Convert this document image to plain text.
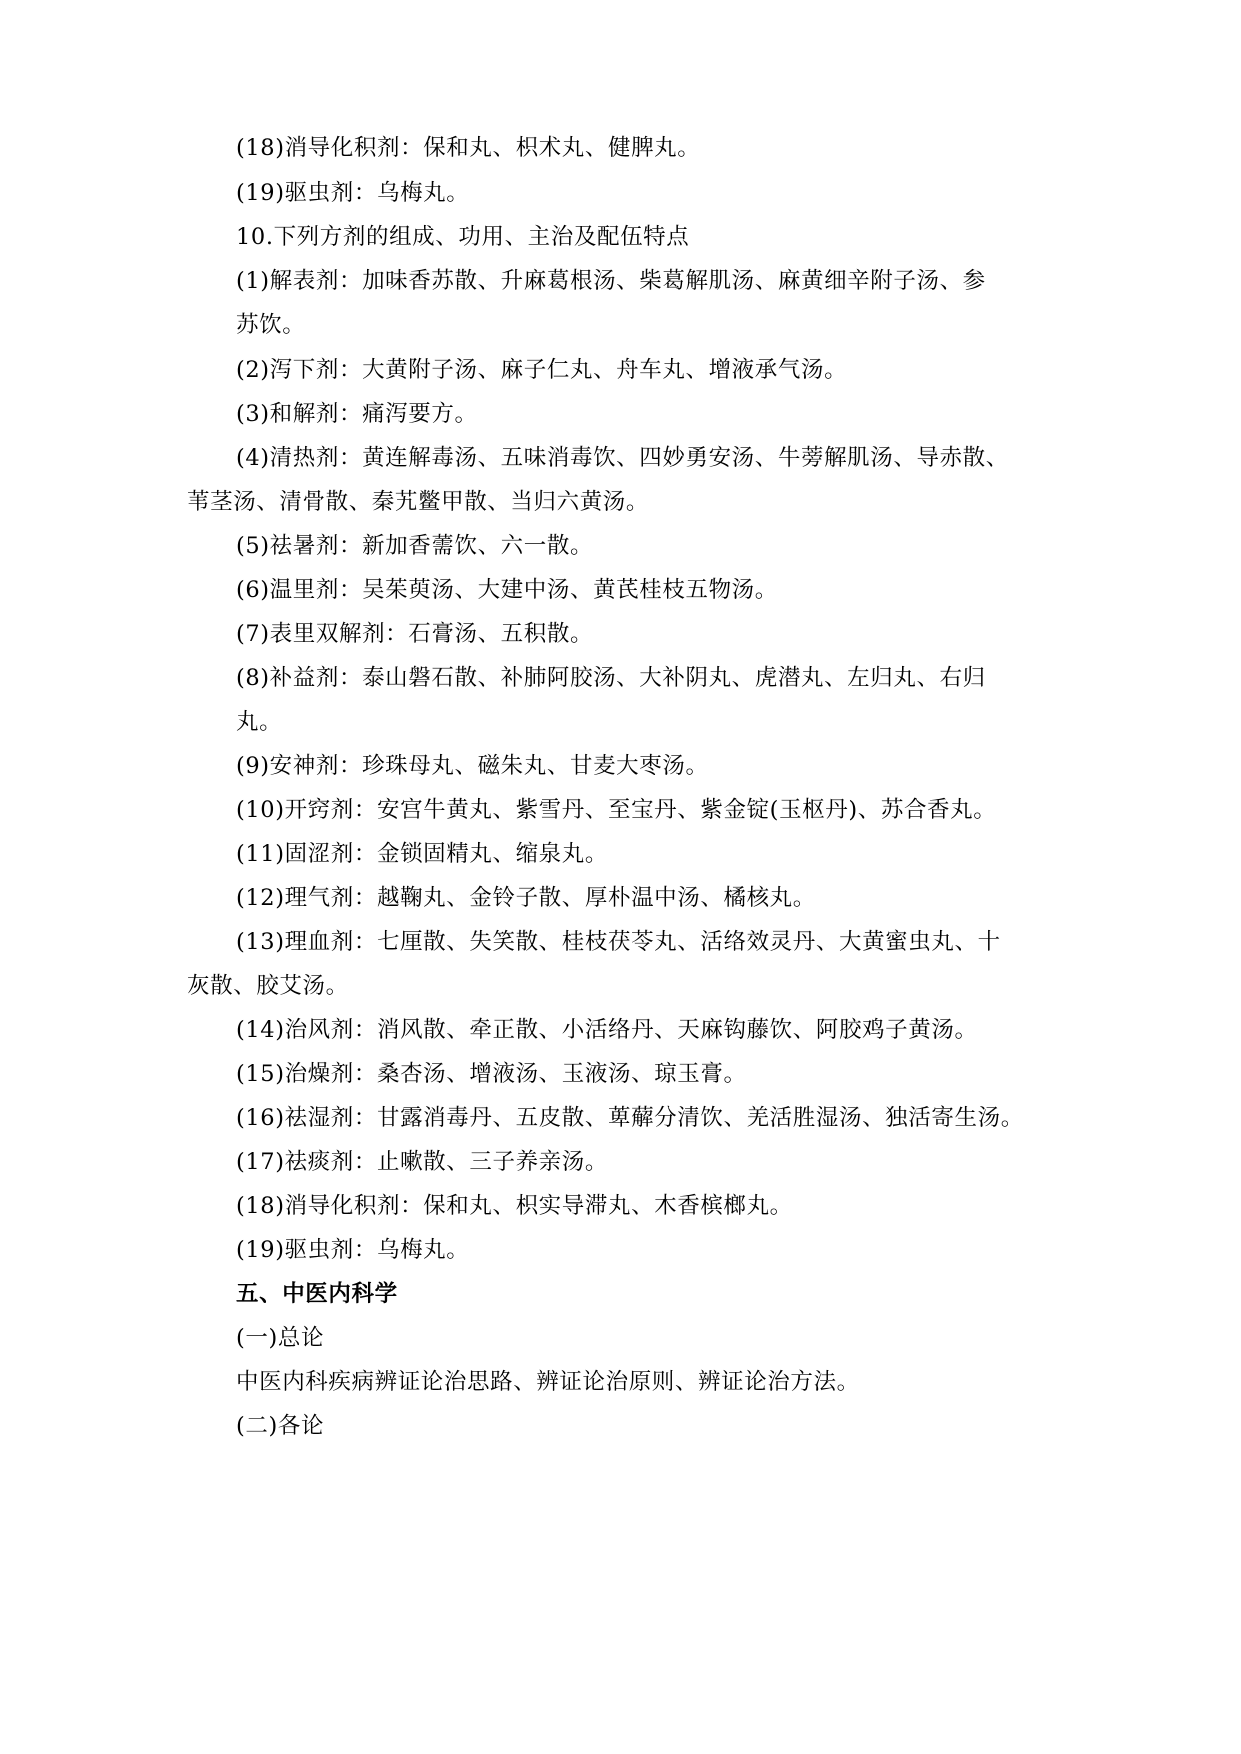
(18)消导化积剂：保和丸、枳术丸、健脾丸。
(19)驱虫剂：乌梅丸。
10.下列方剂的组成、功用、主治及配伍特点
(1)解表剂：加味香苏散、升麻葛根汤、柴葛解肌汤、麻黄细辛附子汤、参
苏饮。
(2)泻下剂：大黄附子汤、麻子仁丸、舟车丸、增液承气汤。
(3)和解剂：痛泻要方。
(4)清热剂：黄连解毒汤、五味消毒饮、四妙勇安汤、牛蒡解肌汤、导赤散、
苇茎汤、清骨散、秦艽鳖甲散、当归六黄汤。
(5)祛暑剂：新加香薷饮、六一散。
(6)温里剂：吴茱萸汤、大建中汤、黄芪桂枝五物汤。
(7)表里双解剂：石膏汤、五积散。
(8)补益剂：泰山磐石散、补肺阿胶汤、大补阴丸、虎潜丸、左归丸、右归
丸。
(9)安神剂：珍珠母丸、磁朱丸、甘麦大枣汤。
(10)开窍剂：安宫牛黄丸、紫雪丹、至宝丹、紫金锭(玉枢丹)、苏合香丸。
(11)固涩剂：金锁固精丸、缩泉丸。
(12)理气剂：越鞠丸、金铃子散、厚朴温中汤、橘核丸。
(13)理血剂：七厘散、失笑散、桂枝茯苓丸、活络效灵丹、大黄蜜虫丸、十
灰散、胶艾汤。
(14)治风剂：消风散、牵正散、小活络丹、天麻钩藤饮、阿胶鸡子黄汤。
(15)治燥剂：桑杏汤、增液汤、玉液汤、琼玉膏。
(16)祛湿剂：甘露消毒丹、五皮散、萆薢分清饮、羌活胜湿汤、独活寄生汤。
(17)祛痰剂：止嗽散、三子养亲汤。
(18)消导化积剂：保和丸、枳实导滞丸、木香槟榔丸。
(19)驱虫剂：乌梅丸。
五、中医内科学
(一)总论
中医内科疾病辨证论治思路、辨证论治原则、辨证论治方法。
(二)各论
